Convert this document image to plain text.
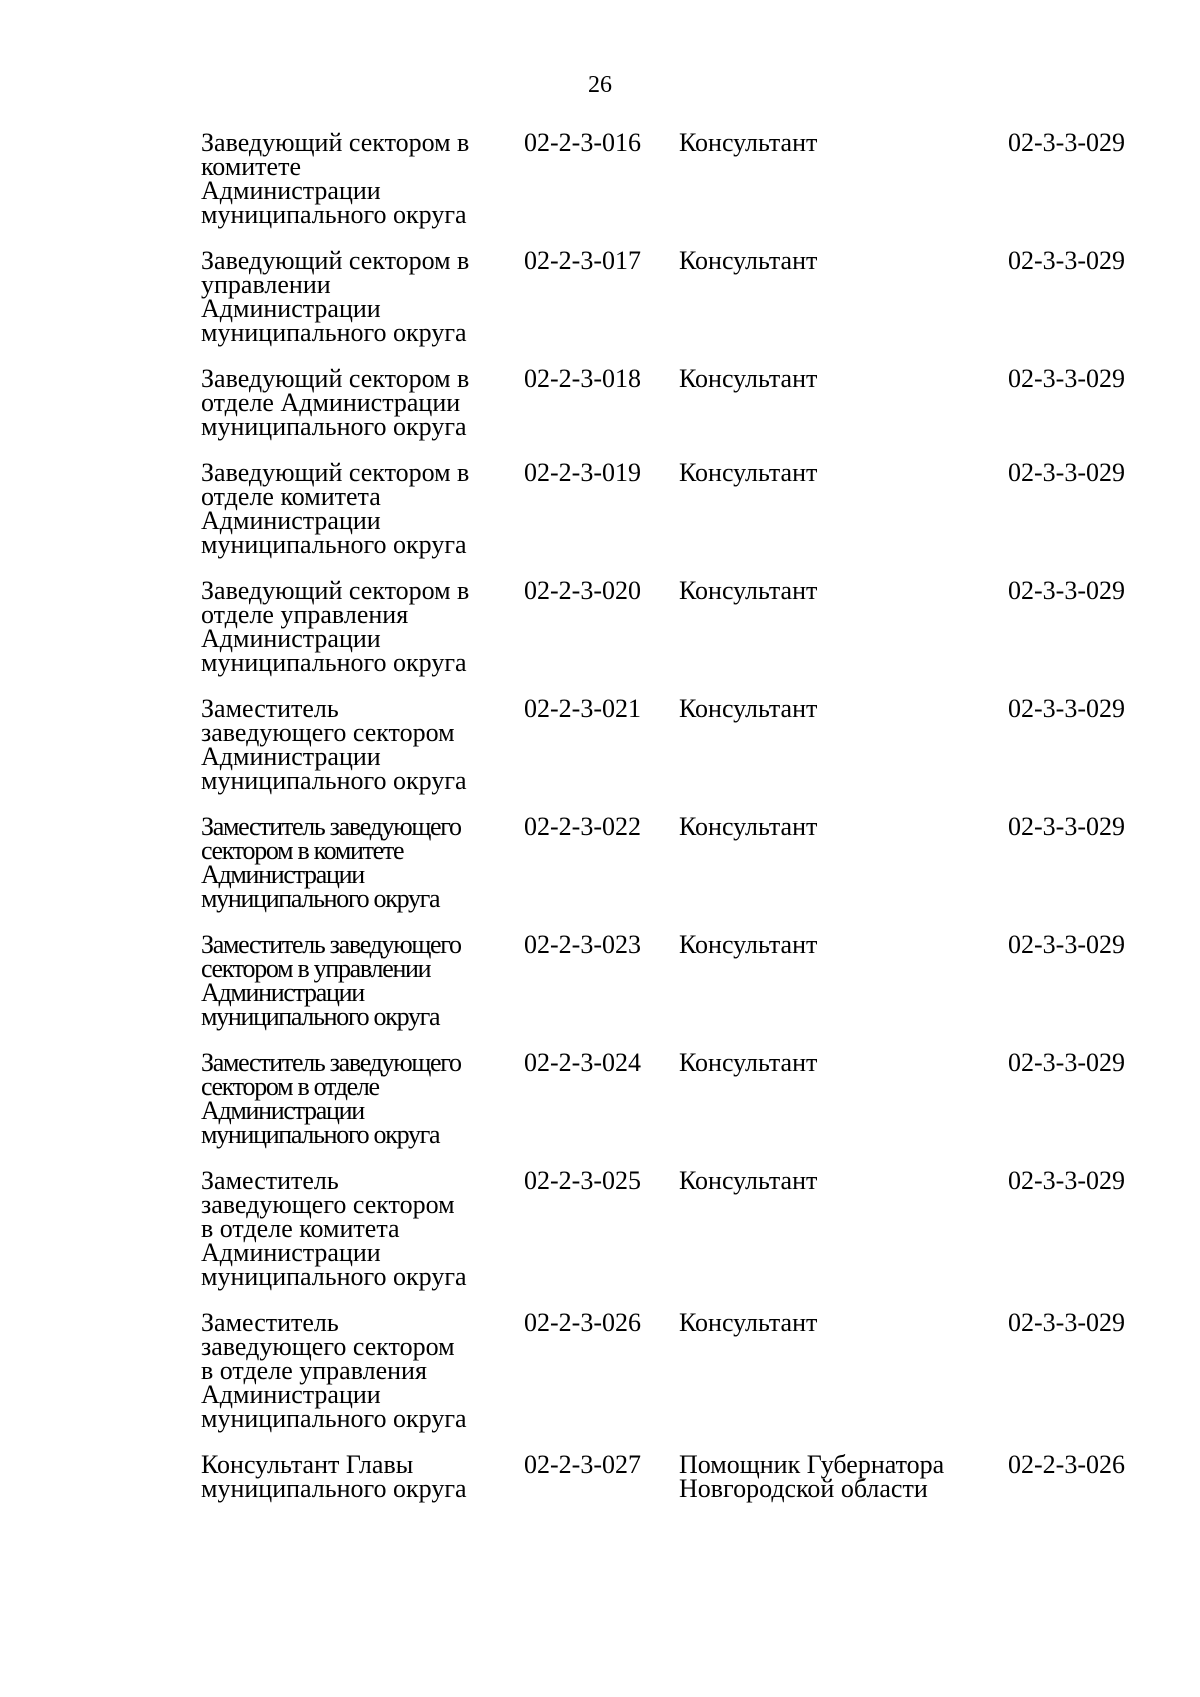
26
Заведующий сектором в
комитете
Администрации
муниципального округа
02-2-3-016 Консультант	02-3-3-029
Заведующий сектором в
управлении
Администрации
муниципального округа
02-2-3-017 Консультант	02-3-3-029
Заведующий сектором в
отделе Администрации
муниципального округа
02-2-3-018 Консультант	02-3-3-029
Заведующий сектором в
отделе комитета
Администрации
муниципального округа
02-2-3-019 Консультант	02-3-3-029
Заведующий сектором в
отделе управления
Администрации
муниципального округа
02-2-3-020 Консультант	02-3-3-029
Заместитель
заведующего сектором
Администрации
муниципального округа
02-2-3-021 Консультант	02-3-3-029
Заместитель заведующего
сектором в комитете
Администрации
муниципального округа
02-2-3-022 Консультант	02-3-3-029
Заместитель заведующего
сектором в управлении
Администрации
муниципального округа
02-2-3-023 Консультант	02-3-3-029
Заместитель заведующего
сектором в отделе
Администрации
муниципального округа
02-2-3-024 Консультант	02-3-3-029
Заместитель
заведующего сектором
в отделе комитета
Администрации
муниципального округа
02-2-3-025 Консультант	02-3-3-029
Заместитель
заведующего сектором
в отделе управления
Администрации
муниципального округа
02-2-3-026 Консультант	02-3-3-029
Консультант Главы
муниципального округа
02-2-3-027 Помощник Губернатора
Новгородской области
02-2-3-026
